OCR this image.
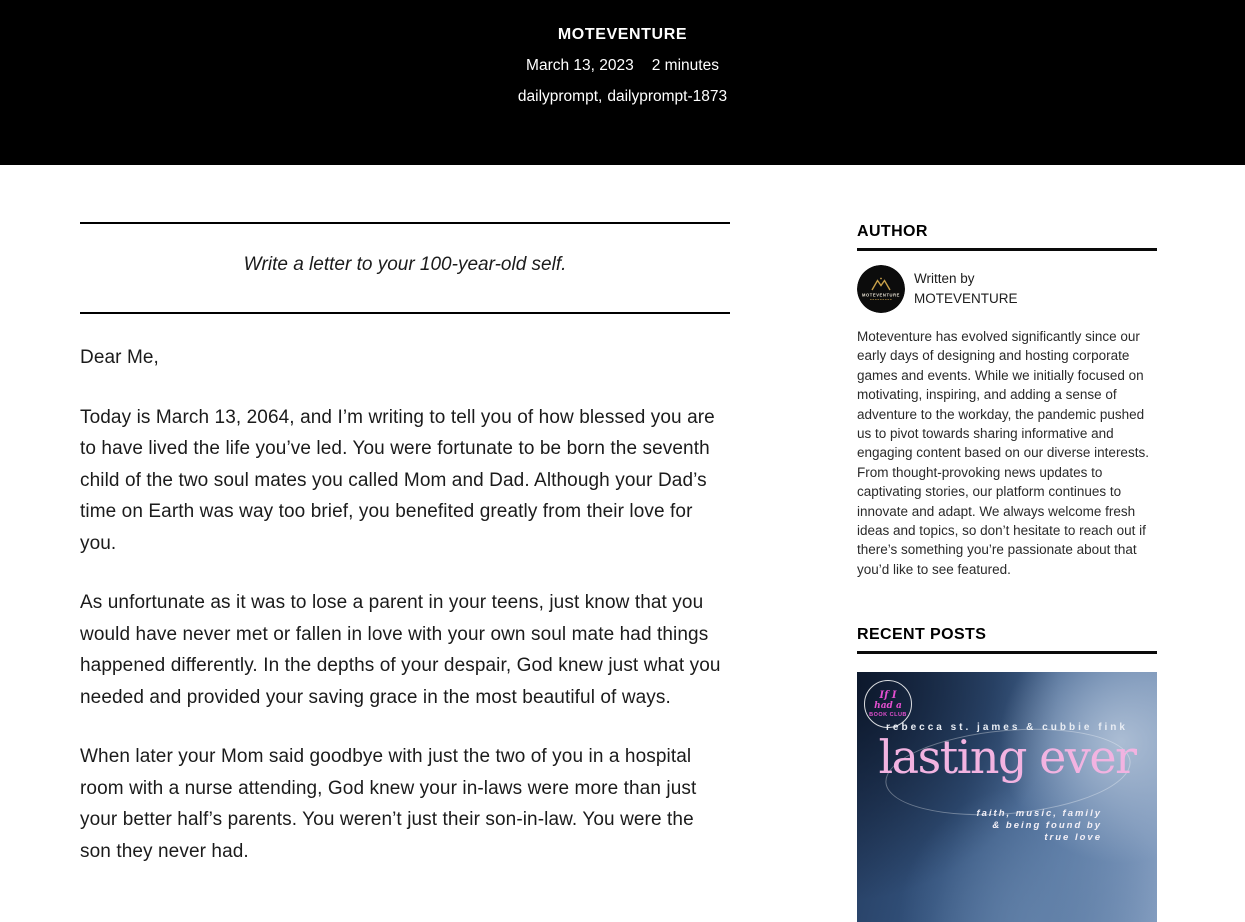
MOTEVENTURE
March 13, 2023 2 minutes
dailyprompt, dailyprompt-1873
Write a letter to your 100-year-old self.

Dear Me,

Today is March 13, 2064, and I’m writing to tell you of how blessed you are to have lived the life you’ve led. You were fortunate to be born the seventh child of the two soul mates you called Mom and Dad. Although your Dad’s time on Earth was way too brief, you benefited greatly from their love for you.

As unfortunate as it was to lose a parent in your teens, just know that you would have never met or fallen in love with your own soul mate had things happened differently. In the depths of your despair, God knew just what you needed and provided your saving grace in the most beautiful of ways.

When later your Mom said goodbye with just the two of you in a hospital room with a nurse attending, God knew your in-laws were more than just your better half’s parents. You weren’t just their son-in-law. You were the son they never had.

AUTHOR
MOTEVENTURE
Written by
MOTEVENTURE

Moteventure has evolved significantly since our early days of designing and hosting corporate games and events. While we initially focused on motivating, inspiring, and adding a sense of adventure to the workday, the pandemic pushed us to pivot towards sharing informative and engaging content based on our diverse interests. From thought-provoking news updates to captivating stories, our platform continues to innovate and adapt. We always welcome fresh ideas and topics, so don’t hesitate to reach out if there’s something you’re passionate about that you’d like to see featured.

RECENT POSTS
If I
had a
BOOK CLUB
rebecca st. james & cubbie fink
lasting ever
faith, music, family
& being found by
true love
